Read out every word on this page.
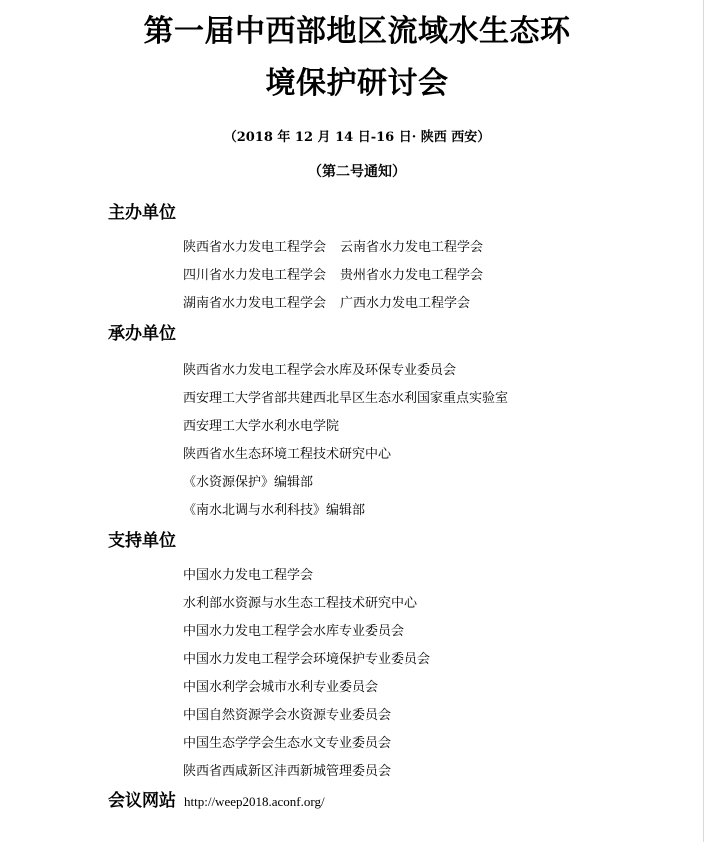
第一届中西部地区流域水生态环
境保护研讨会
（2018 年 12 月 14 日-16 日· 陕西 西安）
（第二号通知）
主办单位
陕西省水力发电工程学会 云南省水力发电工程学会
四川省水力发电工程学会 贵州省水力发电工程学会
湖南省水力发电工程学会 广西水力发电工程学会
承办单位
陕西省水力发电工程学会水库及环保专业委员会
西安理工大学省部共建西北旱区生态水利国家重点实验室
西安理工大学水利水电学院
陕西省水生态环境工程技术研究中心
《水资源保护》编辑部
《南水北调与水利科技》编辑部
支持单位
中国水力发电工程学会
水利部水资源与水生态工程技术研究中心
中国水力发电工程学会水库专业委员会
中国水力发电工程学会环境保护专业委员会
中国水利学会城市水利专业委员会
中国自然资源学会水资源专业委员会
中国生态学学会生态水文专业委员会
陕西省西咸新区沣西新城管理委员会
会议网站 http://weep2018.aconf.org/
